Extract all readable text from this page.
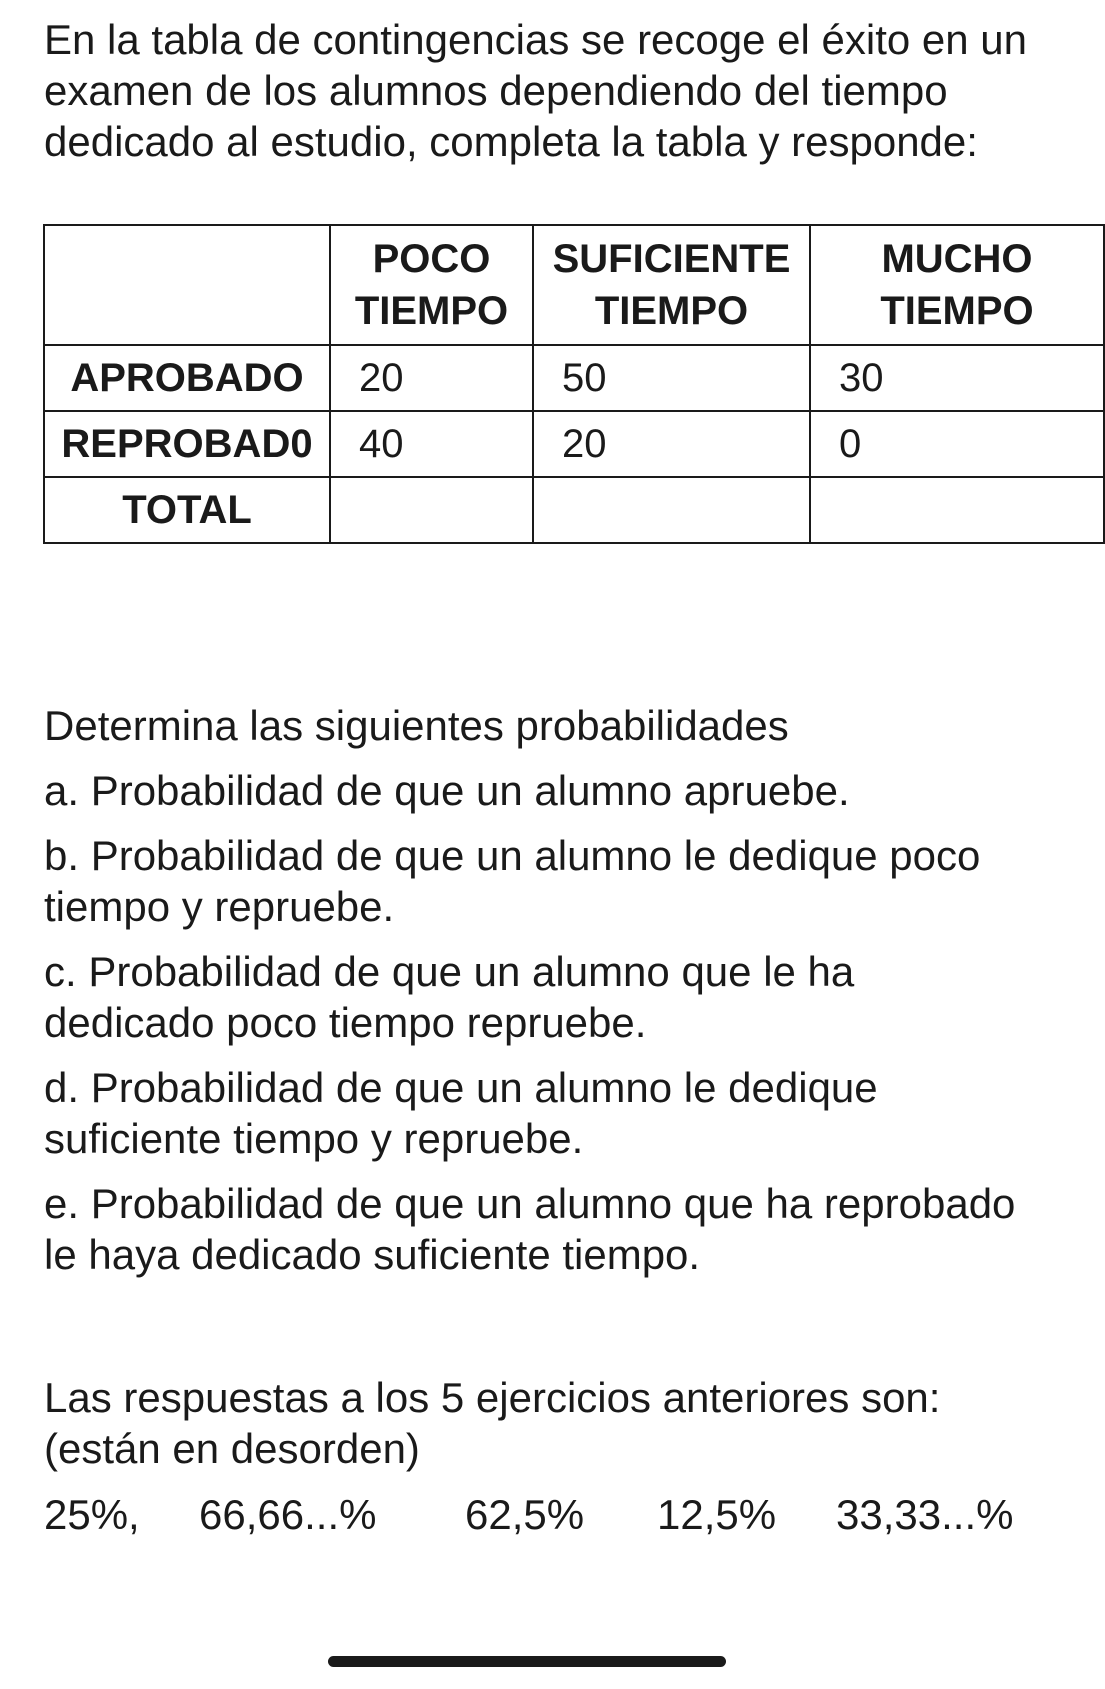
En la tabla de contingencias se recoge el éxito en un examen de los alumnos dependiendo del tiempo dedicado al estudio, completa la tabla y responde:

	POCO TIEMPO	SUFICIENTE TIEMPO	MUCHO TIEMPO
APROBADO	20	50	30
REPROBAD0	40	20	0
TOTAL			

Determina las siguientes probabilidades

a. Probabilidad de que un alumno apruebe.

b. Probabilidad de que un alumno le dedique poco tiempo y repruebe.

c. Probabilidad de que un alumno que le ha dedicado poco tiempo repruebe.

d. Probabilidad de que un alumno le dedique suficiente tiempo y repruebe.

e. Probabilidad de que un alumno que ha reprobado le haya dedicado suficiente tiempo.

Las respuestas a los 5 ejercicios anteriores son: (están en desorden)

25%, 66,66...% 62,5% 12,5% 33,33...%
